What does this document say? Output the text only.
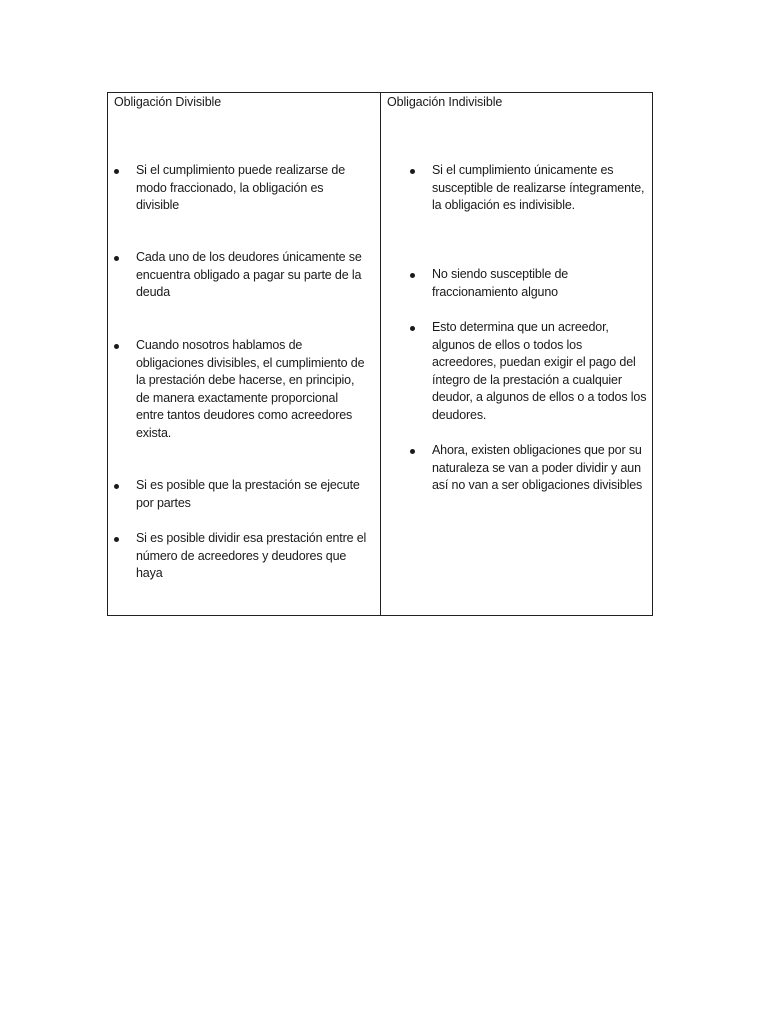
Obligación Divisible
Si el cumplimiento puede realizarse de modo fraccionado, la obligación es divisible
Cada uno de los deudores únicamente se encuentra obligado a pagar su parte de la deuda
Cuando nosotros hablamos de obligaciones divisibles, el cumplimiento de la prestación debe hacerse, en principio, de manera exactamente proporcional entre tantos deudores como acreedores exista.
Si es posible que la prestación se ejecute por partes
Si es posible dividir esa prestación entre el número de acreedores y deudores que haya
Obligación Indivisible
Si el cumplimiento únicamente es susceptible de realizarse íntegramente, la obligación es indivisible.
No siendo susceptible de fraccionamiento alguno
Esto determina que un acreedor, algunos de ellos o todos los acreedores, puedan exigir el pago del íntegro de la prestación a cualquier deudor, a algunos de ellos o a todos los deudores.
Ahora, existen obligaciones que por su naturaleza se van a poder dividir y aun así no van a ser obligaciones divisibles
